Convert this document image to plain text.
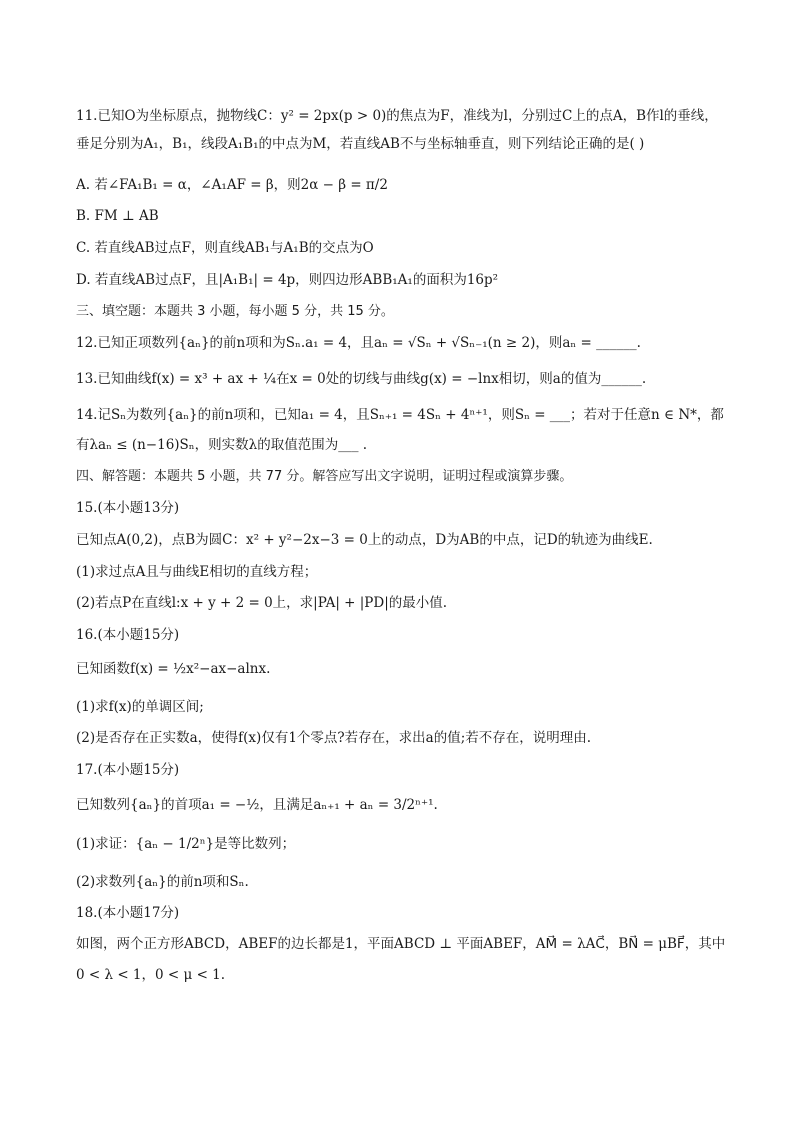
11.已知O为坐标原点，抛物线C：y² = 2px(p > 0)的焦点为F，准线为l，分别过C上的点A，B作l的垂线，
垂足分别为A₁，B₁，线段A₁B₁的中点为M，若直线AB不与坐标轴垂直，则下列结论正确的是( )
A. 若∠FA₁B₁ = α，∠A₁AF = β，则2α − β = π/2
B. FM ⊥ AB
C. 若直线AB过点F，则直线AB₁与A₁B的交点为O
D. 若直线AB过点F，且|A₁B₁| = 4p，则四边形ABB₁A₁的面积为16p²
三、填空题：本题共 3 小题，每小题 5 分，共 15 分。
12.已知正项数列{aₙ}的前n项和为Sₙ.a₁ = 4，且aₙ = √Sₙ + √Sₙ₋₁(n ≥ 2)，则aₙ = ______.
13.已知曲线f(x) = x³ + ax + ¼在x = 0处的切线与曲线g(x) = −lnx相切，则a的值为______.
14.记Sₙ为数列{aₙ}的前n项和，已知a₁ = 4，且Sₙ₊₁ = 4Sₙ + 4ⁿ⁺¹，则Sₙ = ___；若对于任意n ∈ N*，都
有λaₙ ≤ (n−16)Sₙ，则实数λ的取值范围为___ .
四、解答题：本题共 5 小题，共 77 分。解答应写出文字说明，证明过程或演算步骤。
15.(本小题13分)
已知点A(0,2)，点B为圆C：x² + y²−2x−3 = 0上的动点，D为AB的中点，记D的轨迹为曲线E.
(1)求过点A且与曲线E相切的直线方程；
(2)若点P在直线l:x + y + 2 = 0上，求|PA| + |PD|的最小值.
16.(本小题15分)
已知函数f(x) = ½x²−ax−alnx.
(1)求f(x)的单调区间;
(2)是否存在正实数a，使得f(x)仅有1个零点?若存在，求出a的值;若不存在，说明理由.
17.(本小题15分)
已知数列{aₙ}的首项a₁ = −½，且满足aₙ₊₁ + aₙ = 3/2ⁿ⁺¹.
(1)求证：{aₙ − 1/2ⁿ}是等比数列；
(2)求数列{aₙ}的前n项和Sₙ.
18.(本小题17分)
如图，两个正方形ABCD，ABEF的边长都是1，平面ABCD ⊥ 平面ABEF，AM⃗ = λAC⃗，BN⃗ = μBF⃗，其中
0 < λ < 1，0 < μ < 1.
